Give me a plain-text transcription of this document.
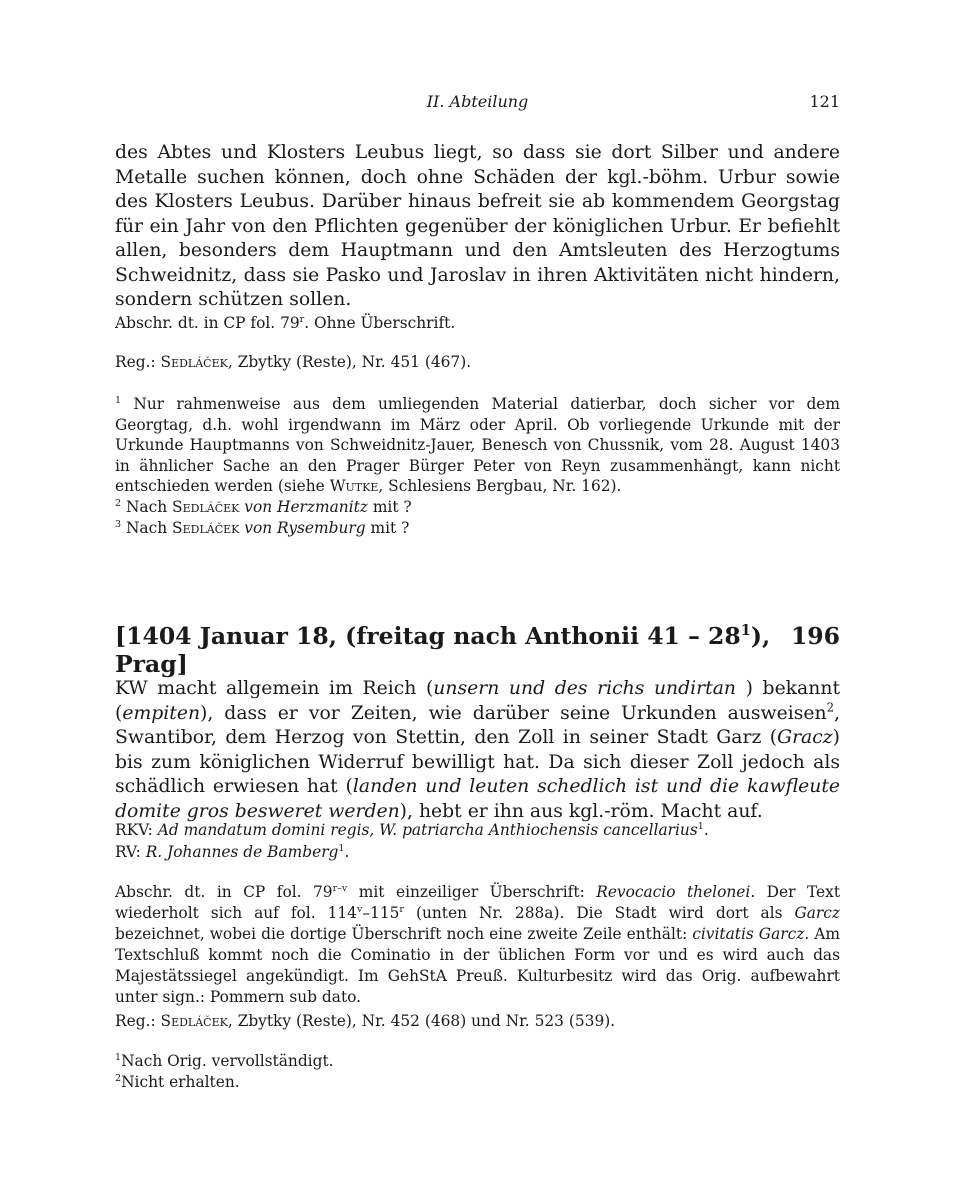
II. Abteilung	121

des Abtes und Klosters Leubus liegt, so dass sie dort Silber und andere Metalle suchen können, doch ohne Schäden der kgl.-böhm. Urbur sowie des Klosters Leubus. Darüber hinaus befreit sie ab kommendem Georgstag für ein Jahr von den Pflichten gegenüber der königlichen Urbur. Er befiehlt allen, besonders dem Hauptmann und den Amtsleuten des Herzogtums Schweidnitz, dass sie Pasko und Jaroslav in ihren Aktivitäten nicht hindern, sondern schützen sollen.

Abschr. dt. in CP fol. 79$^r$. Ohne Überschrift.

Reg.: Sedláček, Zbytky (Reste), Nr. 451 (467).

$^1$ Nur rahmenweise aus dem umliegenden Material datierbar, doch sicher vor dem Georgtag, d.h. wohl irgendwann im März oder April. Ob vorliegende Urkunde mit der Urkunde Hauptmanns von Schweidnitz-Jauer, Benesch von Chussnik, vom 28. August 1403 in ähnlicher Sache an den Prager Bürger Peter von Reyn zusammenhängt, kann nicht entschieden werden (siehe Wutke, Schlesiens Bergbau, Nr. 162).

$^2$ Nach Sedláček von Herzmanitz mit ?

$^3$ Nach Sedláček von Rysemburg mit ?

[1404 Januar 18, (freitag nach Anthonii $41 - 28^1$), Prag]
196

KW macht allgemein im Reich (unsern und des richs undirtan ) bekannt (empiten), dass er vor Zeiten, wie darüber seine Urkunden ausweisen$^2$, Swantibor, dem Herzog von Stettin, den Zoll in seiner Stadt Garz (Gracz) bis zum königlichen Widerruf bewilligt hat. Da sich dieser Zoll jedoch als schädlich erwiesen hat (landen und leuten schedlich ist und die kawfleute domite gros besweret werden), hebt er ihn aus kgl.-röm. Macht auf.

RKV: Ad mandatum domini regis, W. patriarcha Anthiochensis cancellarius$^1$.

RV: R. Johannes de Bamberg$^1$.

Abschr. dt. in CP fol. 79$^{r-v}$ mit einzeiliger Überschrift: Revocacio thelonei. Der Text wiederholt sich auf fol. 114$^v$–115$^r$ (unten Nr. 288a). Die Stadt wird dort als Garcz bezeichnet, wobei die dortige Überschrift noch eine zweite Zeile enthält: civitatis Garcz. Am Textschluß kommt noch die Cominatio in der üblichen Form vor und es wird auch das Majestätssiegel angekündigt. Im GehStA Preuß. Kulturbesitz wird das Orig. aufbewahrt unter sign.: Pommern sub dato.

Reg.: Sedláček, Zbytky (Reste), Nr. 452 (468) und Nr. 523 (539).

$^1$Nach Orig. vervollständigt.

$^2$Nicht erhalten.
